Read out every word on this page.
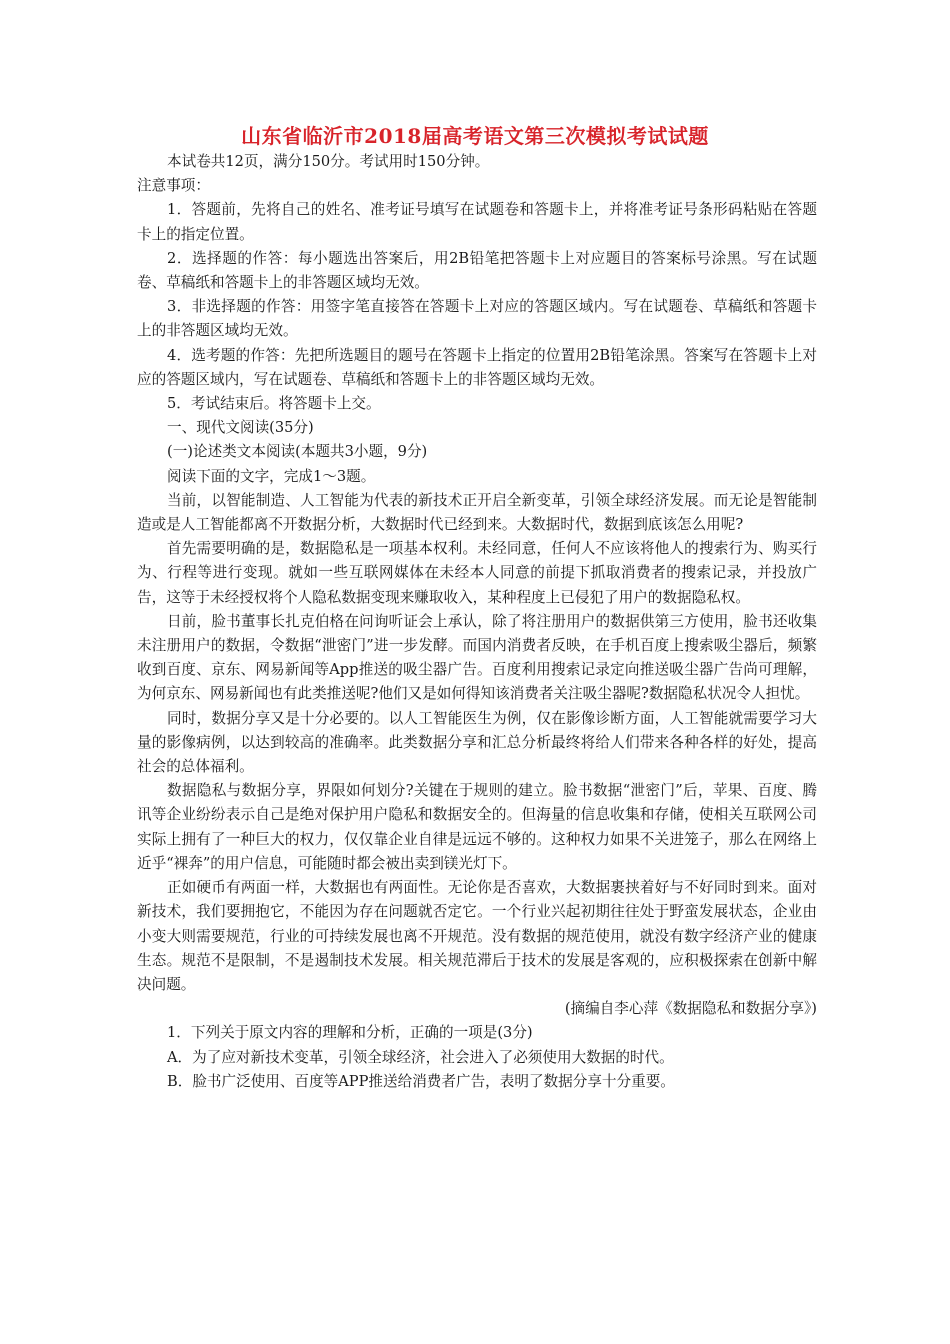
山东省临沂市2018届高考语文第三次模拟考试试题

本试卷共12页，满分150分。考试用时150分钟。

注意事项：

1．答题前，先将自己的姓名、准考证号填写在试题卷和答题卡上，并将准考证号条形码粘贴在答题卡上的指定位置。

2．选择题的作答：每小题选出答案后，用2B铅笔把答题卡上对应题目的答案标号涂黑。写在试题卷、草稿纸和答题卡上的非答题区域均无效。

3．非选择题的作答：用签字笔直接答在答题卡上对应的答题区域内。写在试题卷、草稿纸和答题卡上的非答题区域均无效。

4．选考题的作答：先把所选题目的题号在答题卡上指定的位置用2B铅笔涂黑。答案写在答题卡上对应的答题区域内，写在试题卷、草稿纸和答题卡上的非答题区域均无效。

5．考试结束后。将答题卡上交。

一、现代文阅读(35分)

(一)论述类文本阅读(本题共3小题，9分)

阅读下面的文字，完成1～3题。

当前，以智能制造、人工智能为代表的新技术正开启全新变革，引领全球经济发展。而无论是智能制造或是人工智能都离不开数据分析，大数据时代已经到来。大数据时代，数据到底该怎么用呢?

首先需要明确的是，数据隐私是一项基本权利。未经同意，任何人不应该将他人的搜索行为、购买行为、行程等进行变现。就如一些互联网媒体在未经本人同意的前提下抓取消费者的搜索记录，并投放广告，这等于未经授权将个人隐私数据变现来赚取收入，某种程度上已侵犯了用户的数据隐私权。

日前，脸书董事长扎克伯格在问询听证会上承认，除了将注册用户的数据供第三方使用，脸书还收集未注册用户的数据，令数据“泄密门”进一步发酵。而国内消费者反映，在手机百度上搜索吸尘器后，频繁收到百度、京东、网易新闻等App推送的吸尘器广告。百度利用搜索记录定向推送吸尘器广告尚可理解，为何京东、网易新闻也有此类推送呢?他们又是如何得知该消费者关注吸尘器呢?数据隐私状况令人担忧。

同时，数据分享又是十分必要的。以人工智能医生为例，仅在影像诊断方面，人工智能就需要学习大量的影像病例，以达到较高的准确率。此类数据分享和汇总分析最终将给人们带来各种各样的好处，提高社会的总体福利。

数据隐私与数据分享，界限如何划分?关键在于规则的建立。脸书数据“泄密门”后，苹果、百度、腾讯等企业纷纷表示自己是绝对保护用户隐私和数据安全的。但海量的信息收集和存储，使相关互联网公司实际上拥有了一种巨大的权力，仅仅靠企业自律是远远不够的。这种权力如果不关进笼子，那么在网络上近乎“裸奔”的用户信息，可能随时都会被出卖到镁光灯下。

正如硬币有两面一样，大数据也有两面性。无论你是否喜欢，大数据裹挟着好与不好同时到来。面对新技术，我们要拥抱它，不能因为存在问题就否定它。一个行业兴起初期往往处于野蛮发展状态，企业由小变大则需要规范，行业的可持续发展也离不开规范。没有数据的规范使用，就没有数字经济产业的健康生态。规范不是限制，不是遏制技术发展。相关规范滞后于技术的发展是客观的，应积极探索在创新中解决问题。

(摘编自李心萍《数据隐私和数据分享》)

1．下列关于原文内容的理解和分析，正确的一项是(3分)

A．为了应对新技术变革，引领全球经济，社会进入了必须使用大数据的时代。

B．脸书广泛使用、百度等APP推送给消费者广告，表明了数据分享十分重要。
